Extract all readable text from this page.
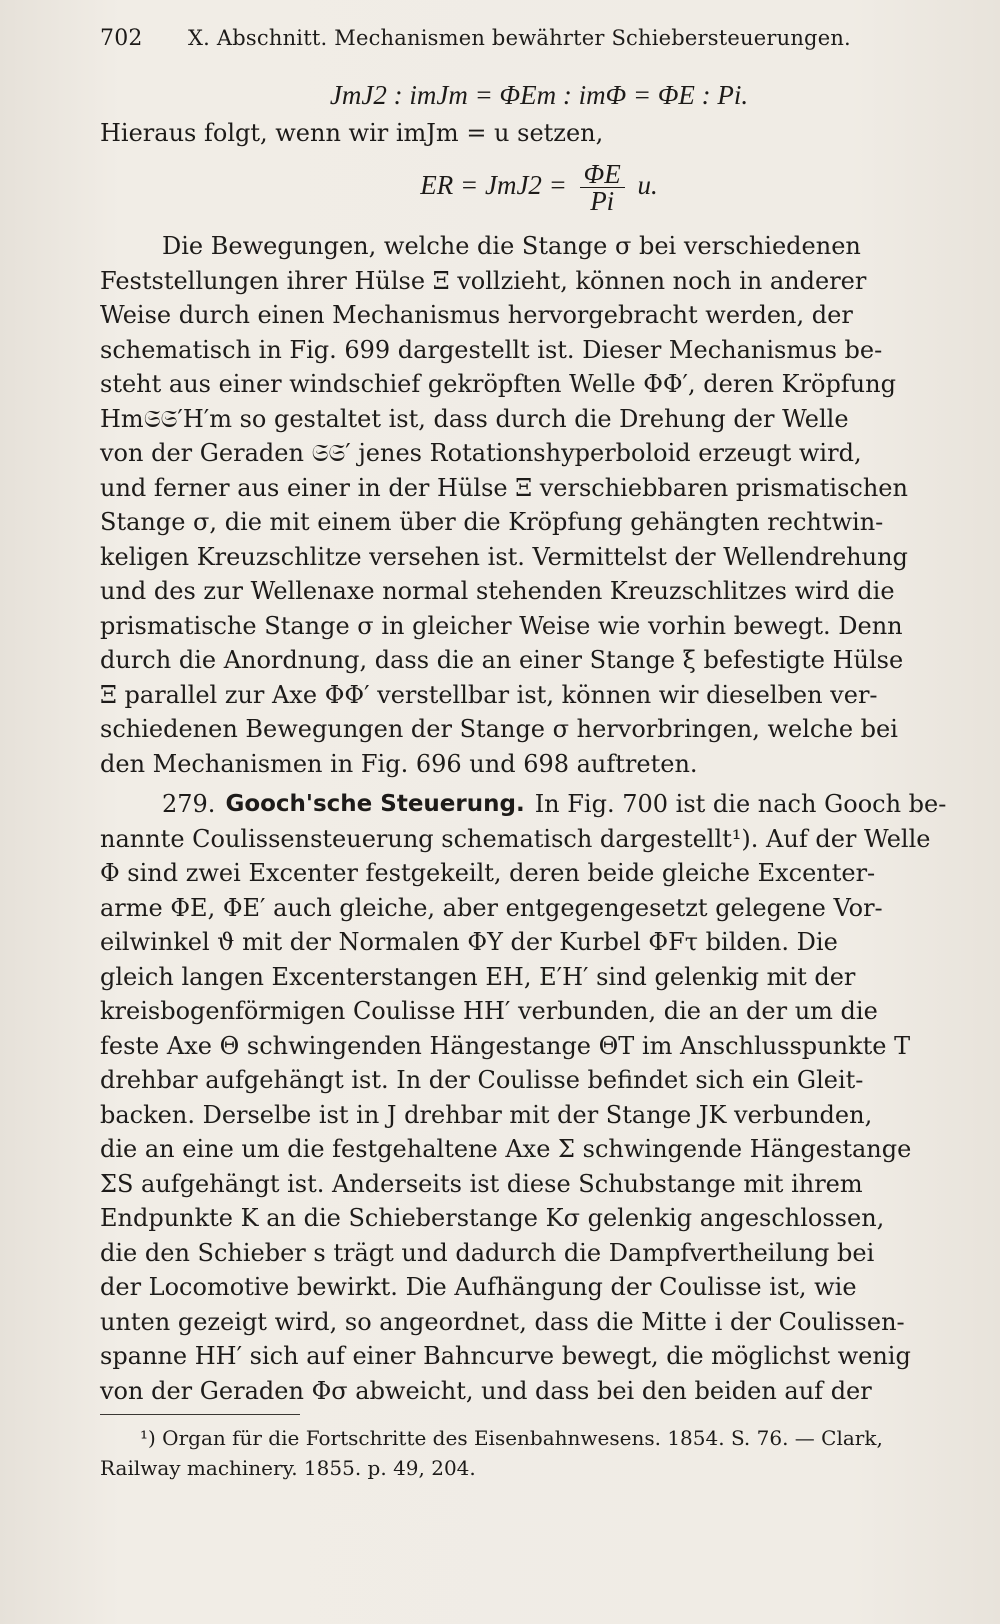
702	X. Abschnitt. Mechanismen bewährter Schiebersteuerungen.
JmJ2 : imJm = ΦEm : imΦ = ΦE : Pi.

Hieraus folgt, wenn wir imJm = u setzen,

ER = $JmJ2 = \frac{\Phi E}{Pi} u$.
Die Bewegungen, welche die Stange σ bei verschiedenen
Feststellungen ihrer Hülse Ξ vollzieht, können noch in anderer
Weise durch einen Mechanismus hervorgebracht werden, der
schematisch in Fig. 699 dargestellt ist. Dieser Mechanismus be-
steht aus einer windschief gekröpften Welle ΦΦ′, deren Kröpfung
Hm𝔖𝔖′H′m so gestaltet ist, dass durch die Drehung der Welle
von der Geraden 𝔖𝔖′ jenes Rotationshyperboloid erzeugt wird,
und ferner aus einer in der Hülse Ξ verschiebbaren prismatischen
Stange σ, die mit einem über die Kröpfung gehängten rechtwin-
keligen Kreuzschlitze versehen ist. Vermittelst der Wellendrehung
und des zur Wellenaxe normal stehenden Kreuzschlitzes wird die
prismatische Stange σ in gleicher Weise wie vorhin bewegt. Denn
durch die Anordnung, dass die an einer Stange ξ befestigte Hülse
Ξ parallel zur Axe ΦΦ′ verstellbar ist, können wir dieselben ver-
schiedenen Bewegungen der Stange σ hervorbringen, welche bei
den Mechanismen in Fig. 696 und 698 auftreten.
279. Gooch'sche Steuerung. In Fig. 700 ist die nach Gooch be-
nannte Coulissensteuerung schematisch dargestellt¹). Auf der Welle
Φ sind zwei Excenter festgekeilt, deren beide gleiche Excenter-
arme ΦE, ΦE′ auch gleiche, aber entgegengesetzt gelegene Vor-
eilwinkel ϑ mit der Normalen ΦY der Kurbel ΦFτ bilden. Die
gleich langen Excenterstangen EH, E′H′ sind gelenkig mit der
kreisbogenförmigen Coulisse HH′ verbunden, die an der um die
feste Axe Θ schwingenden Hängestange ΘT im Anschlusspunkte T
drehbar aufgehängt ist. In der Coulisse befindet sich ein Gleit-
backen. Derselbe ist in J drehbar mit der Stange JK verbunden,
die an eine um die festgehaltene Axe Σ schwingende Hängestange
ΣS aufgehängt ist. Anderseits ist diese Schubstange mit ihrem
Endpunkte K an die Schieberstange Kσ gelenkig angeschlossen,
die den Schieber s trägt und dadurch die Dampfvertheilung bei
der Locomotive bewirkt. Die Aufhängung der Coulisse ist, wie
unten gezeigt wird, so angeordnet, dass die Mitte i der Coulissen-
spanne HH′ sich auf einer Bahncurve bewegt, die möglichst wenig
von der Geraden Φσ abweicht, und dass bei den beiden auf der

¹) Organ für die Fortschritte des Eisenbahnwesens. 1854. S. 76. — Clark,

Railway machinery. 1855. p. 49, 204.
